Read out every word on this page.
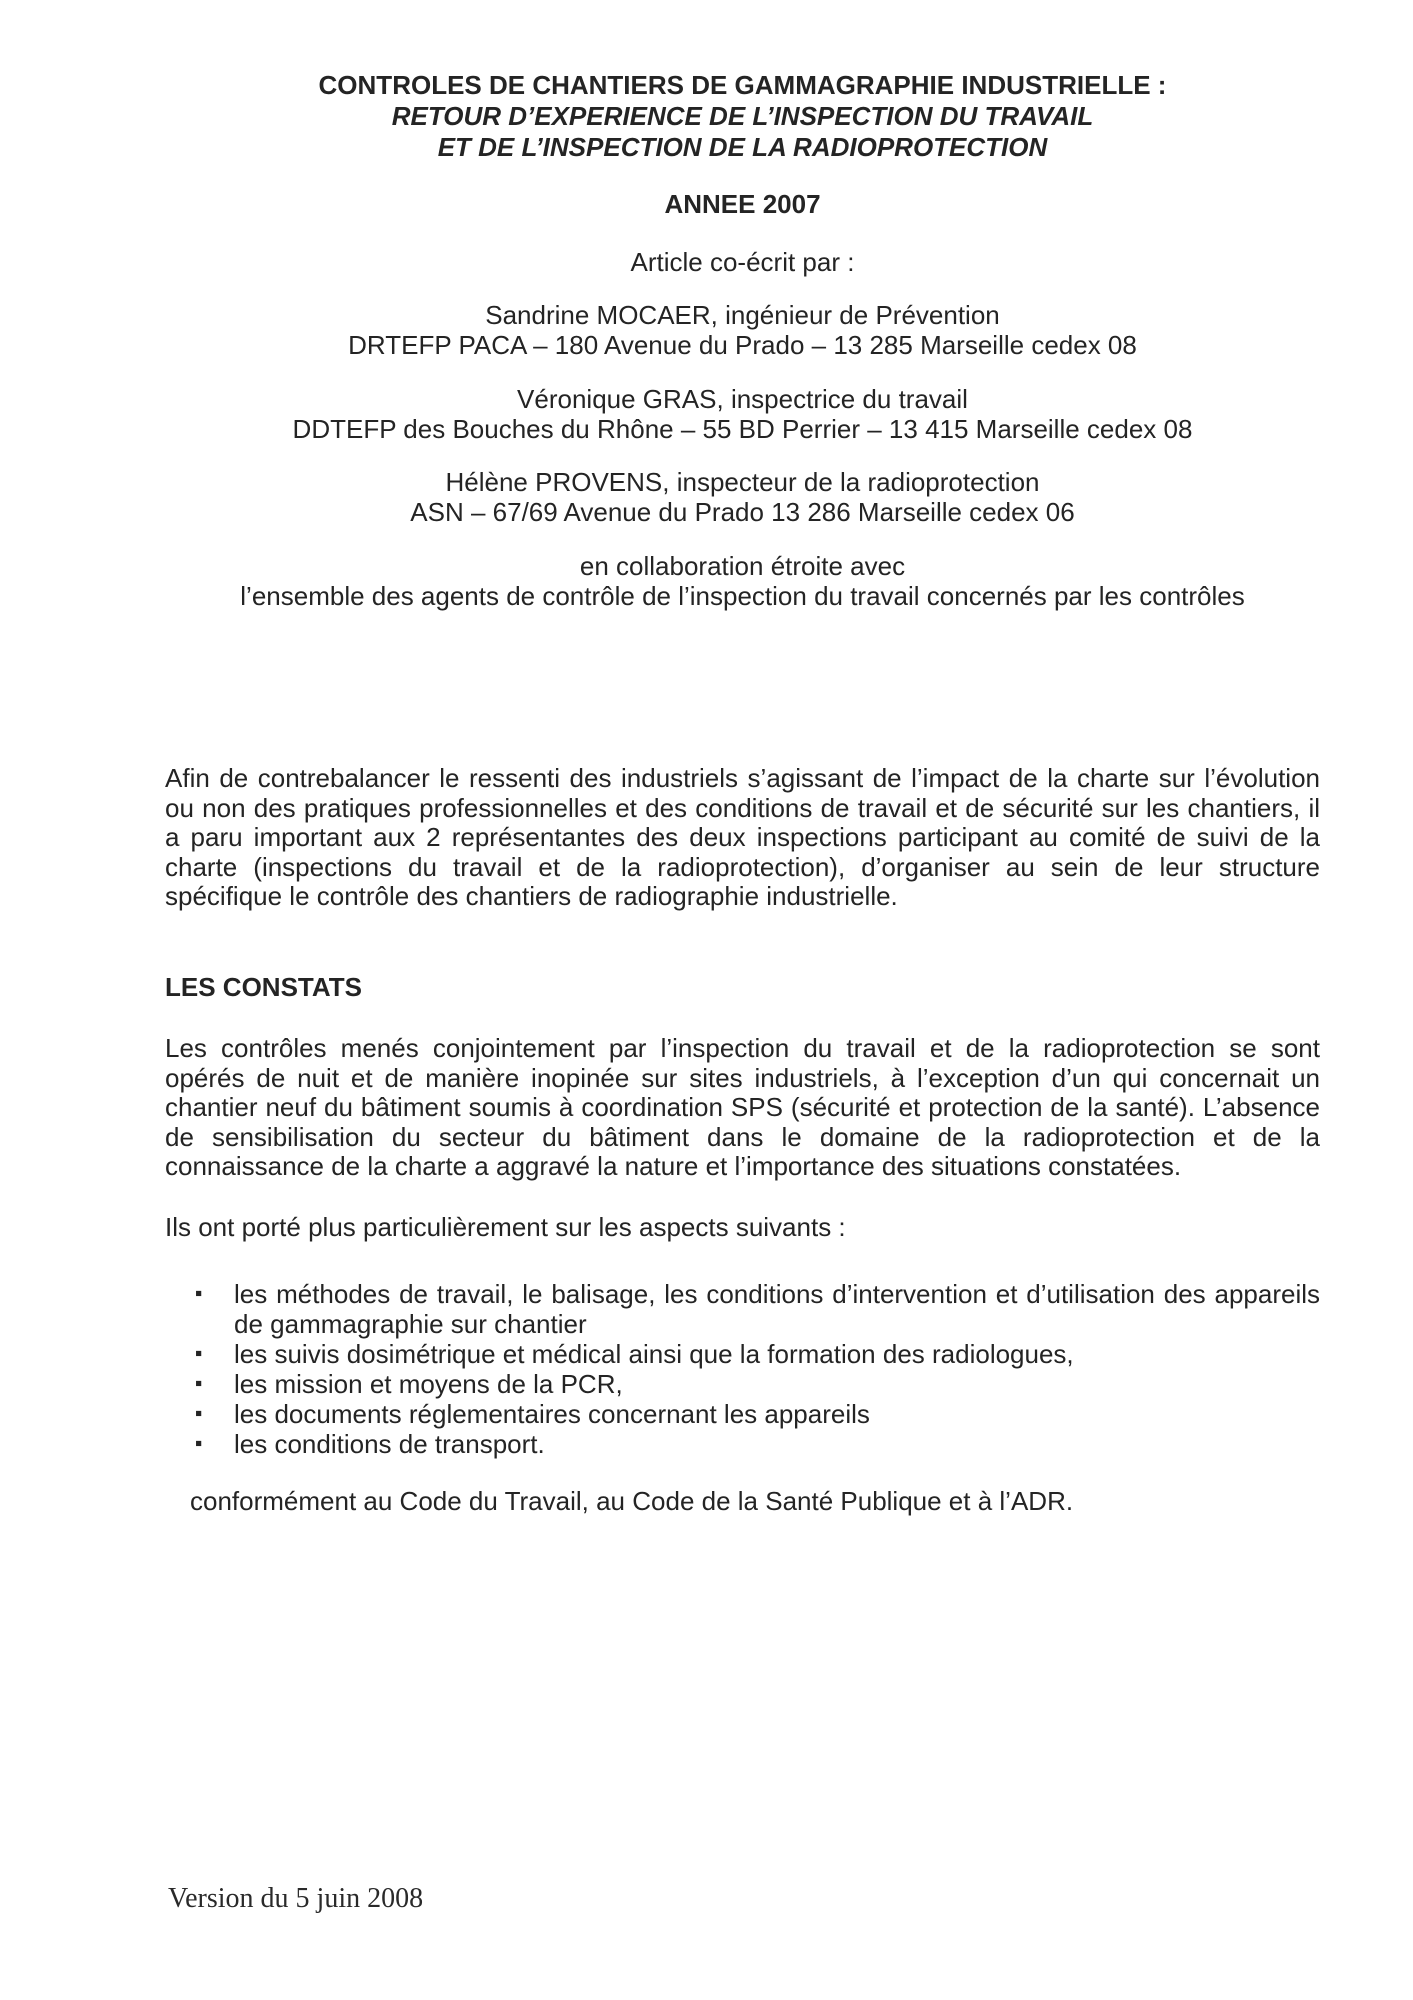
CONTROLES DE CHANTIERS DE GAMMAGRAPHIE INDUSTRIELLE :
RETOUR D’EXPERIENCE DE L’INSPECTION DU TRAVAIL
ET DE L’INSPECTION DE LA RADIOPROTECTION
ANNEE 2007
Article co-écrit par :
Sandrine MOCAER, ingénieur de Prévention
DRTEFP PACA – 180 Avenue du Prado – 13 285 Marseille cedex 08
Véronique GRAS, inspectrice du travail
DDTEFP des Bouches du Rhône – 55 BD Perrier – 13 415 Marseille cedex 08
Hélène PROVENS, inspecteur de la radioprotection
ASN – 67/69 Avenue du Prado 13 286 Marseille cedex 06
en collaboration étroite avec
l’ensemble des agents de contrôle de l’inspection du travail concernés par les contrôles
Afin de contrebalancer le ressenti des industriels s’agissant de l’impact de la charte sur l’évolution
ou non des pratiques professionnelles et des conditions de travail et de sécurité sur les chantiers, il
a paru important aux 2 représentantes des deux inspections participant au comité de suivi de la
charte (inspections du travail et de la radioprotection), d’organiser au sein de leur structure
spécifique le contrôle des chantiers de radiographie industrielle.
LES CONSTATS
Les contrôles menés conjointement par l’inspection du travail et de la radioprotection se sont
opérés de nuit et de manière inopinée sur sites industriels, à l’exception d’un qui concernait un
chantier neuf du bâtiment soumis à coordination SPS (sécurité et protection de la santé). L’absence
de sensibilisation du secteur du bâtiment dans le domaine de la radioprotection et de la
connaissance de la charte a aggravé la nature et l’importance des situations constatées.
Ils ont porté plus particulièrement sur les aspects suivants :
▪ les méthodes de travail, le balisage, les conditions d’intervention et d’utilisation des appareils
de gammagraphie sur chantier
▪ les suivis dosimétrique et médical ainsi que la formation des radiologues,
▪ les mission et moyens de la PCR,
▪ les documents réglementaires concernant les appareils
▪ les conditions de transport.
conformément au Code du Travail, au Code de la Santé Publique et à l’ADR.
Version du 5 juin 2008
